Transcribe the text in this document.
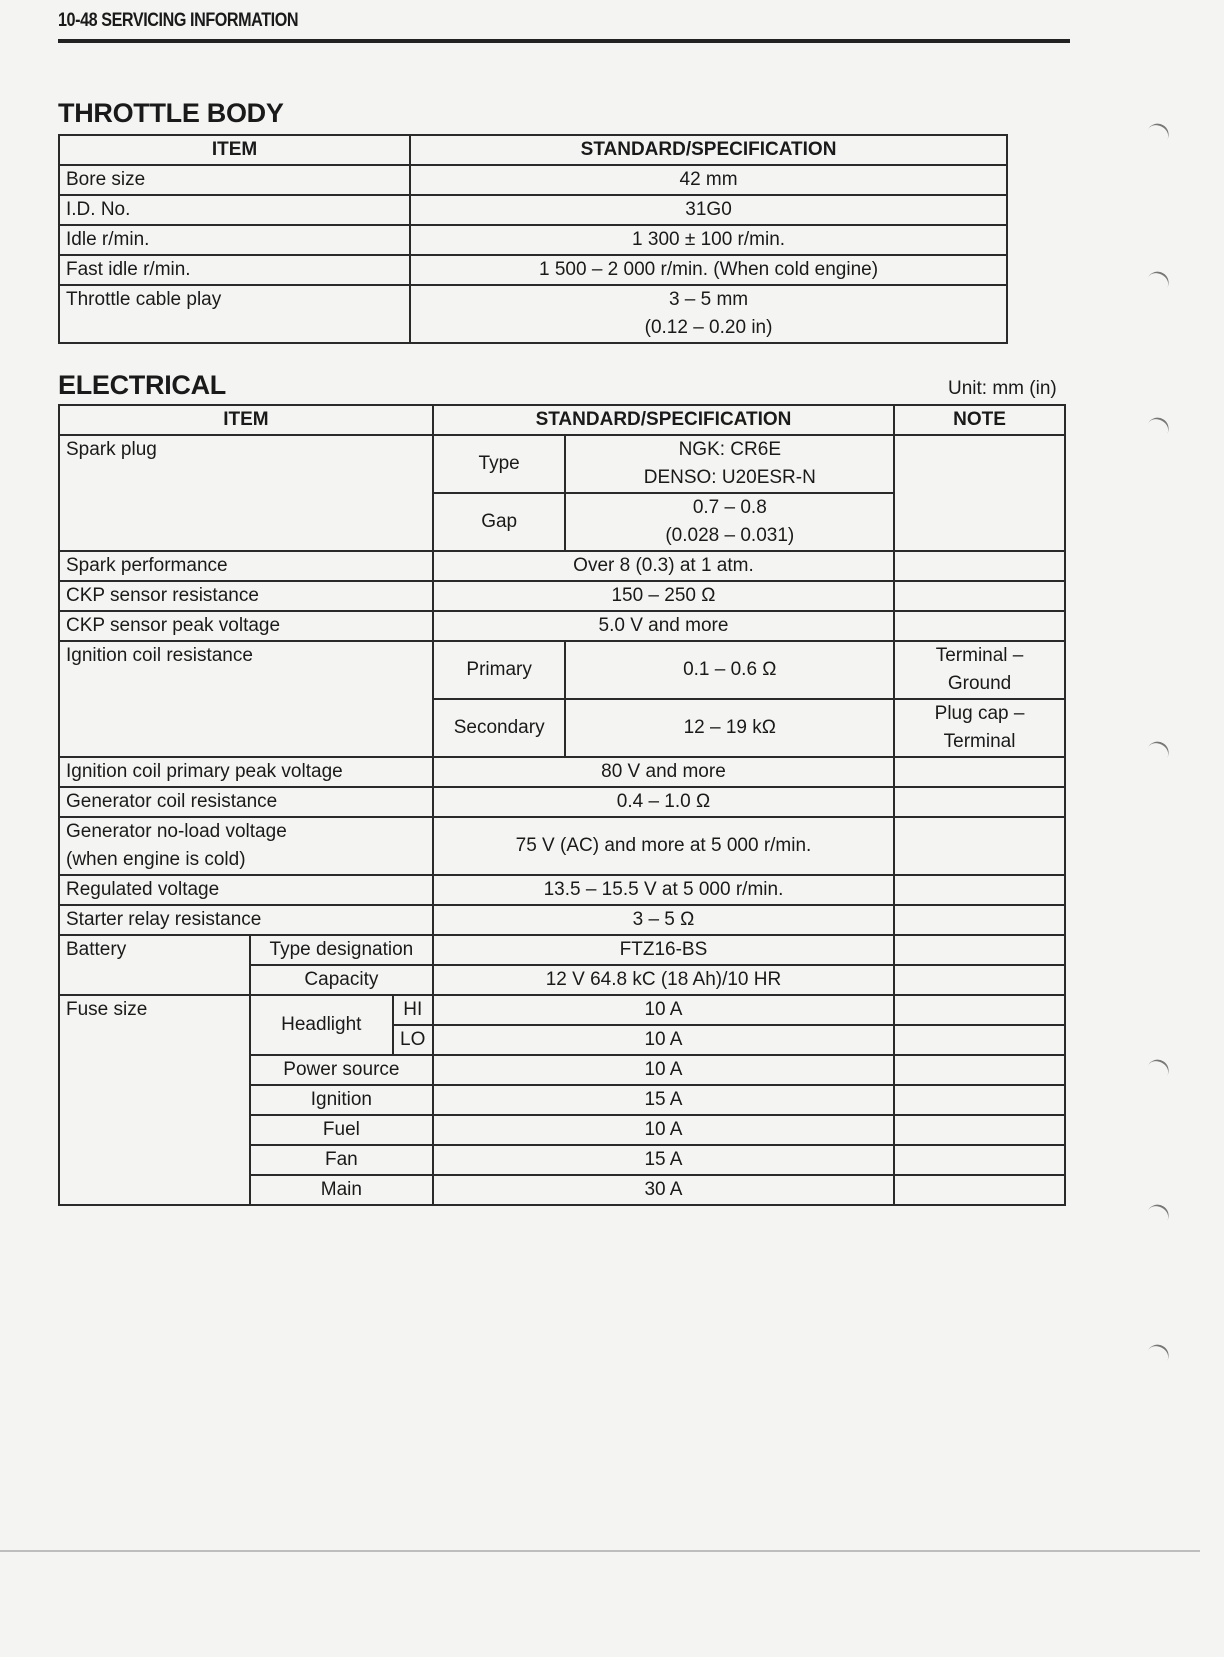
10-48 SERVICING INFORMATION
THROTTLE BODY
ITEM	STANDARD/SPECIFICATION
Bore size	42 mm
I.D. No.	31G0
Idle r/min.	1 300 ± 100 r/min.
Fast idle r/min.	1 500 – 2 000 r/min. (When cold engine)
Throttle cable play	3 – 5 mm
(0.12 – 0.20 in)
ELECTRICAL	Unit: mm (in)
ITEM			STANDARD/SPECIFICATION		NOTE
Spark plug			Type	NGK: CR6E
DENSO: U20ESR-N	

			Gap	0.7 – 0.8
(0.028 – 0.031)	

Spark performance			Over 8 (0.3) at 1 atm.		
CKP sensor resistance			150 – 250 Ω		
CKP sensor peak voltage			5.0 V and more		
Ignition coil resistance			Primary	0.1 – 0.6 Ω	Terminal –
Ground

			Secondary	12 – 19 kΩ	Plug cap –
Terminal

Ignition coil primary peak voltage			80 V and more		
Generator coil resistance			0.4 – 1.0 Ω		

Generator no-load voltage
(when engine is cold)			75 V (AC) and more at 5 000 r/min.		
Regulated voltage			13.5 – 15.5 V at 5 000 r/min.		
Starter relay resistance			3 – 5 Ω		
Battery	Type designation		FTZ16-BS		
	Capacity		12 V 64.8 kC (18 Ah)/10 HR		
Fuse size	Headlight	HI	10 A		
		LO	10 A		
	Power source		10 A		
	Ignition		15 A		
	Fuel		10 A		
	Fan		15 A		
	Main		30 A		
